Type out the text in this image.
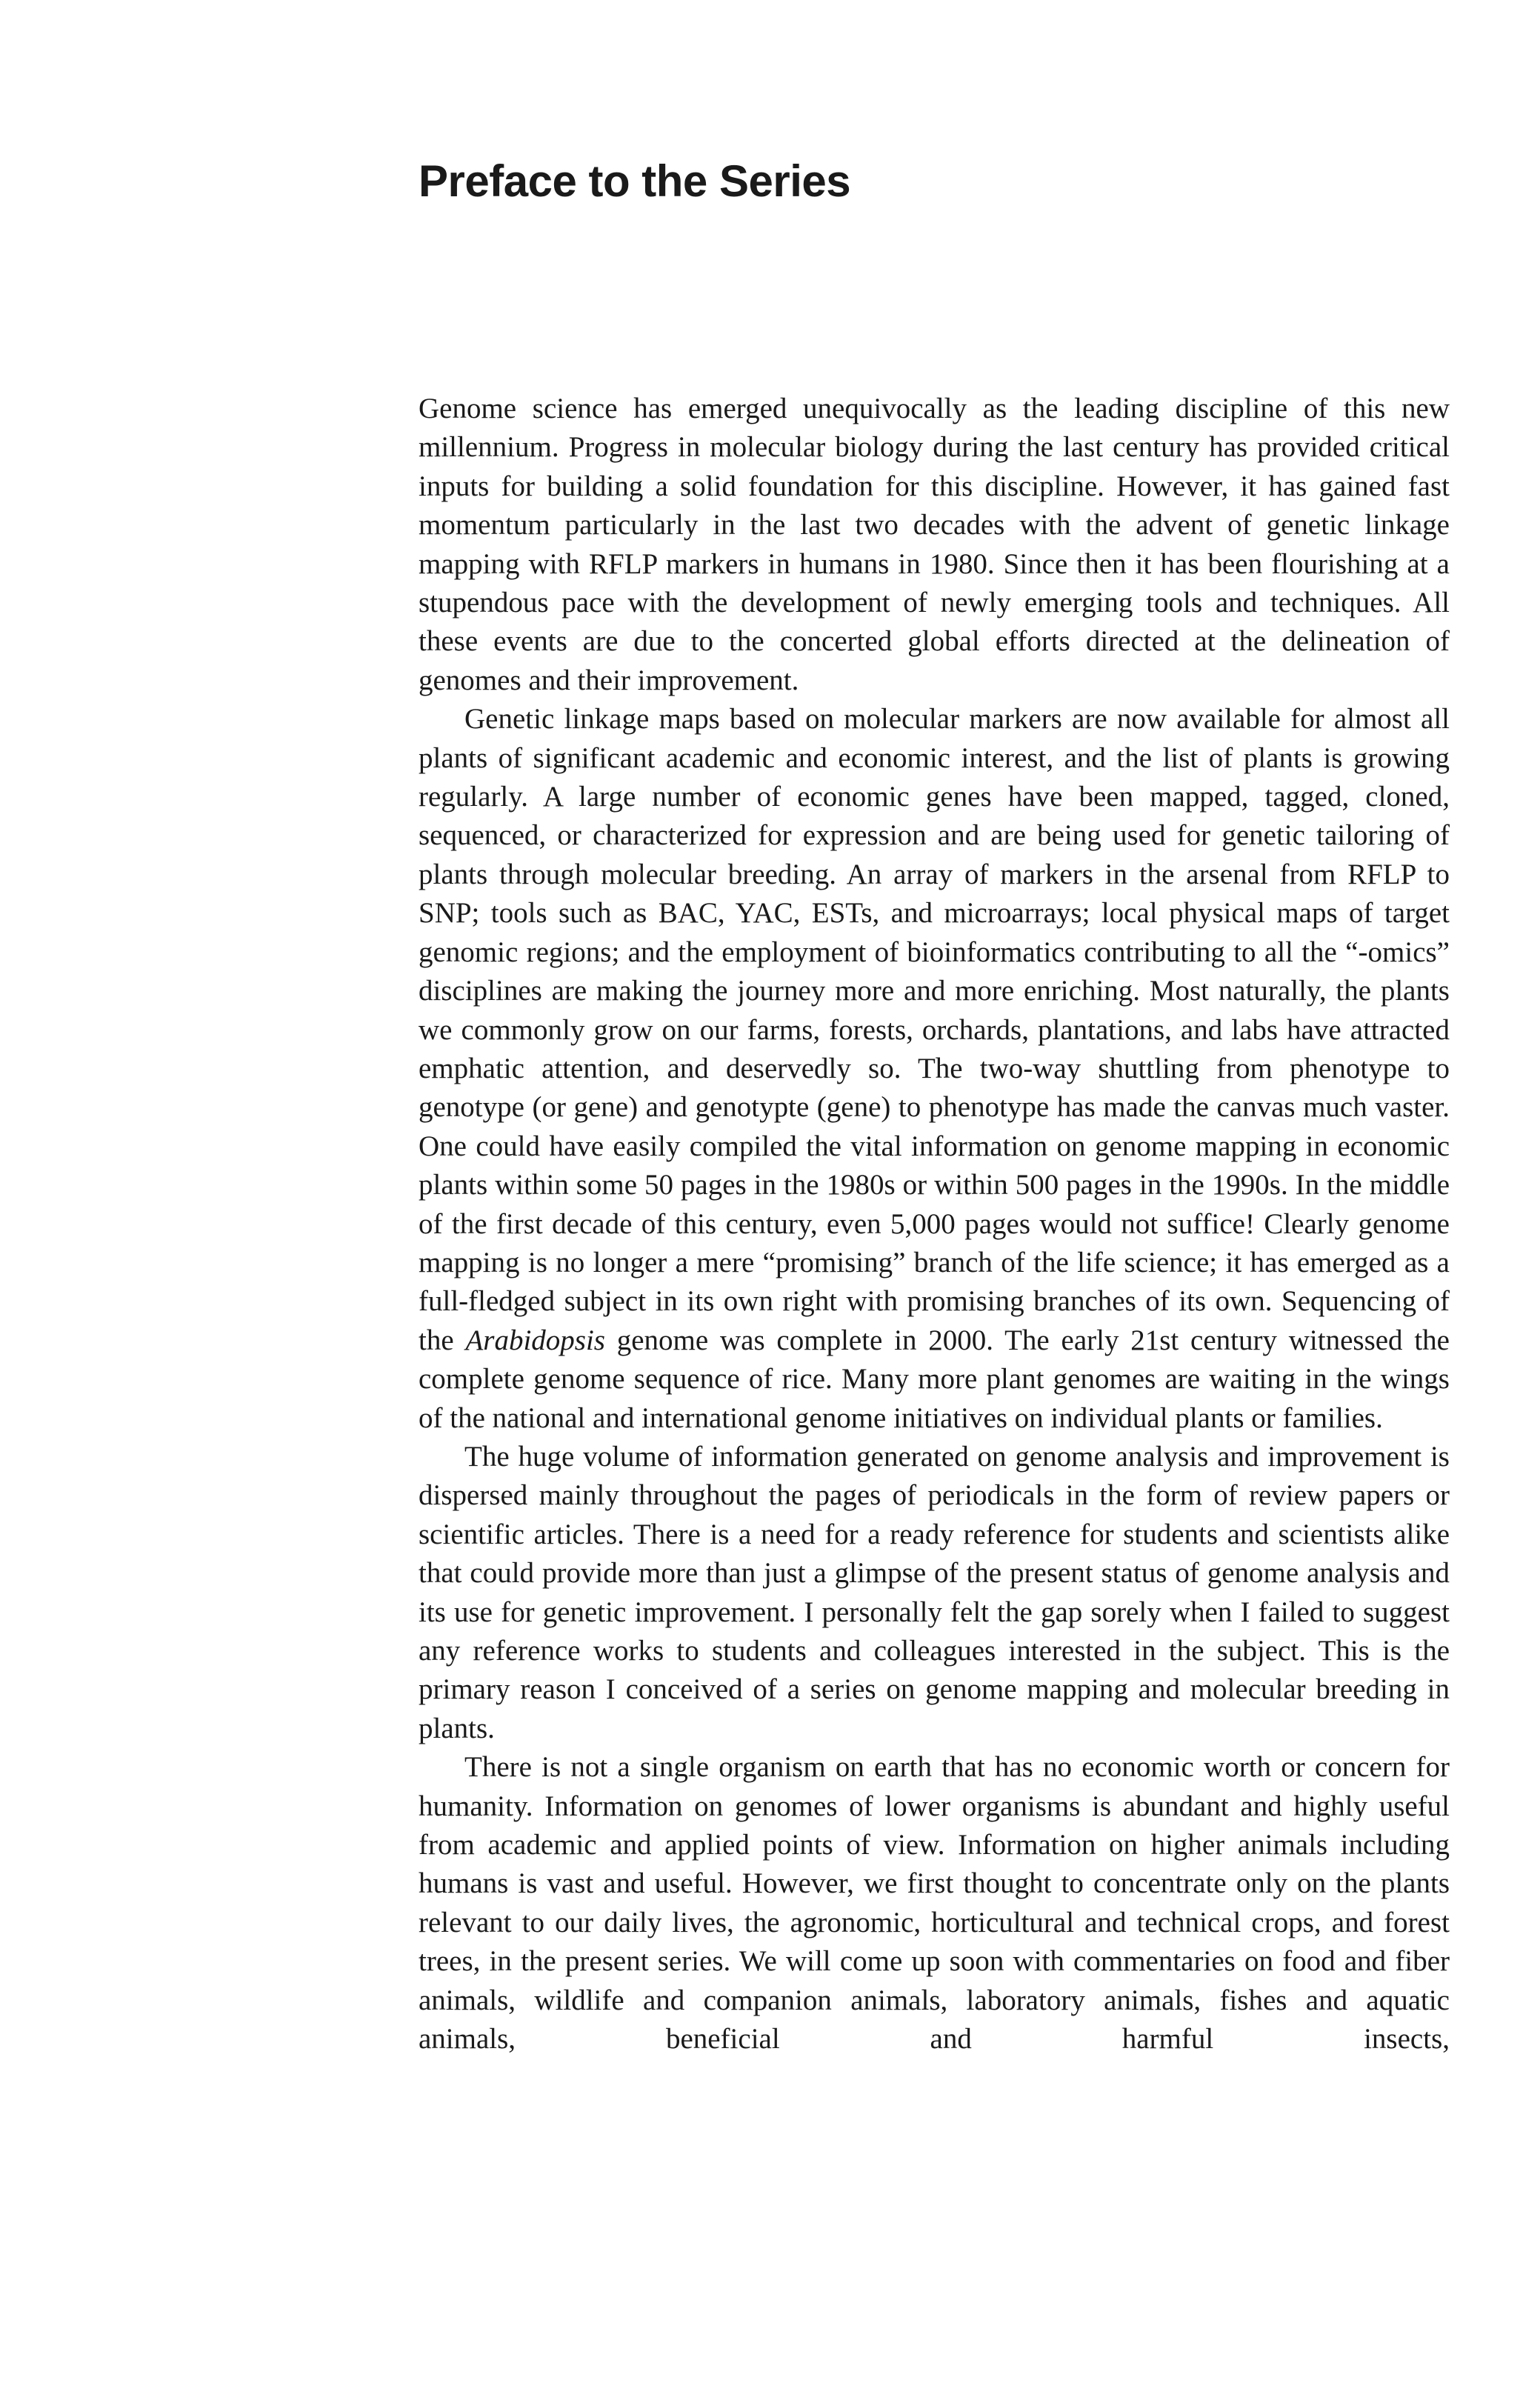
Preface to the Series

Genome science has emerged unequivocally as the leading discipline of this new millennium. Progress in molecular biology during the last century has provided critical inputs for building a solid foundation for this discipline. However, it has gained fast momentum particularly in the last two decades with the advent of genetic linkage mapping with RFLP markers in humans in 1980. Since then it has been flourishing at a stupendous pace with the development of newly emerging tools and techniques. All these events are due to the concerted global efforts directed at the delineation of genomes and their improvement.

Genetic linkage maps based on molecular markers are now available for almost all plants of significant academic and economic interest, and the list of plants is growing regularly. A large number of economic genes have been mapped, tagged, cloned, sequenced, or characterized for expression and are being used for genetic tailoring of plants through molecular breeding. An array of markers in the arsenal from RFLP to SNP; tools such as BAC, YAC, ESTs, and microarrays; local physical maps of target genomic regions; and the employment of bioinformatics contributing to all the “-omics” disciplines are making the journey more and more enriching. Most naturally, the plants we commonly grow on our farms, forests, orchards, plantations, and labs have attracted emphatic attention, and deservedly so. The two-way shuttling from phenotype to genotype (or gene) and genotypte (gene) to phenotype has made the canvas much vaster. One could have easily compiled the vital information on genome mapping in economic plants within some 50 pages in the 1980s or within 500 pages in the 1990s. In the middle of the first decade of this century, even 5,000 pages would not suffice! Clearly genome mapping is no longer a mere “promising” branch of the life science; it has emerged as a full-fledged subject in its own right with promising branches of its own. Sequencing of the Arabidopsis genome was complete in 2000. The early 21st century witnessed the complete genome sequence of rice. Many more plant genomes are waiting in the wings of the national and international genome initiatives on individual plants or families.

The huge volume of information generated on genome analysis and improvement is dispersed mainly throughout the pages of periodicals in the form of review papers or scientific articles. There is a need for a ready reference for students and scientists alike that could provide more than just a glimpse of the present status of genome analysis and its use for genetic improvement. I personally felt the gap sorely when I failed to suggest any reference works to students and colleagues interested in the subject. This is the primary reason I conceived of a series on genome mapping and molecular breeding in plants.

There is not a single organism on earth that has no economic worth or concern for humanity. Information on genomes of lower organisms is abundant and highly useful from academic and applied points of view. Information on higher animals including humans is vast and useful. However, we first thought to concentrate only on the plants relevant to our daily lives, the agronomic, horticultural and technical crops, and forest trees, in the present series. We will come up soon with commentaries on food and fiber animals, wildlife and companion animals, laboratory animals, fishes and aquatic animals, beneficial and harmful insects,
